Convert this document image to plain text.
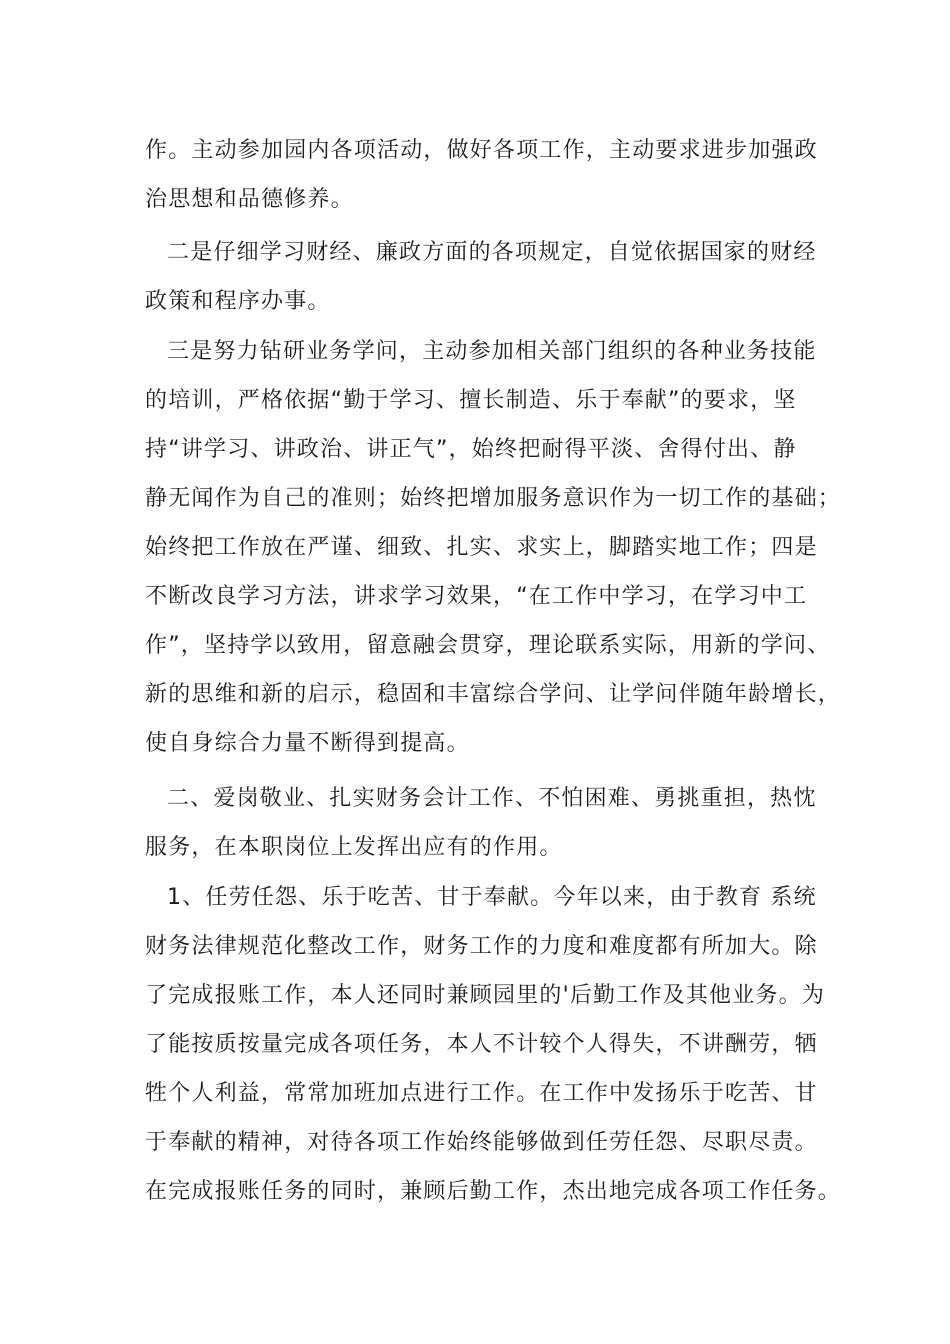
作。主动参加园内各项活动，做好各项工作，主动要求进步加强政
治思想和品德修养。
二是仔细学习财经、廉政方面的各项规定，自觉依据国家的财经
政策和程序办事。
三是努力钻研业务学问，主动参加相关部门组织的各种业务技能
的培训，严格依据“勤于学习、擅长制造、乐于奉献”的要求，坚
持“讲学习、讲政治、讲正气”，始终把耐得平淡、舍得付出、静
静无闻作为自己的准则；始终把增加服务意识作为一切工作的基础；
始终把工作放在严谨、细致、扎实、求实上，脚踏实地工作；四是
不断改良学习方法，讲求学习效果，“在工作中学习，在学习中工
作”，坚持学以致用，留意融会贯穿，理论联系实际，用新的学问、
新的思维和新的启示，稳固和丰富综合学问、让学问伴随年龄增长，
使自身综合力量不断得到提高。
二、爱岗敬业、扎实财务会计工作、不怕困难、勇挑重担，热忱
服务，在本职岗位上发挥出应有的作用。
1、任劳任怨、乐于吃苦、甘于奉献。今年以来，由于教育 系统
财务法律规范化整改工作，财务工作的力度和难度都有所加大。除
了完成报账工作，本人还同时兼顾园里的'后勤工作及其他业务。为
了能按质按量完成各项任务，本人不计较个人得失，不讲酬劳，牺
牲个人利益，常常加班加点进行工作。在工作中发扬乐于吃苦、甘
于奉献的精神，对待各项工作始终能够做到任劳任怨、尽职尽责。
在完成报账任务的同时，兼顾后勤工作，杰出地完成各项工作任务。
